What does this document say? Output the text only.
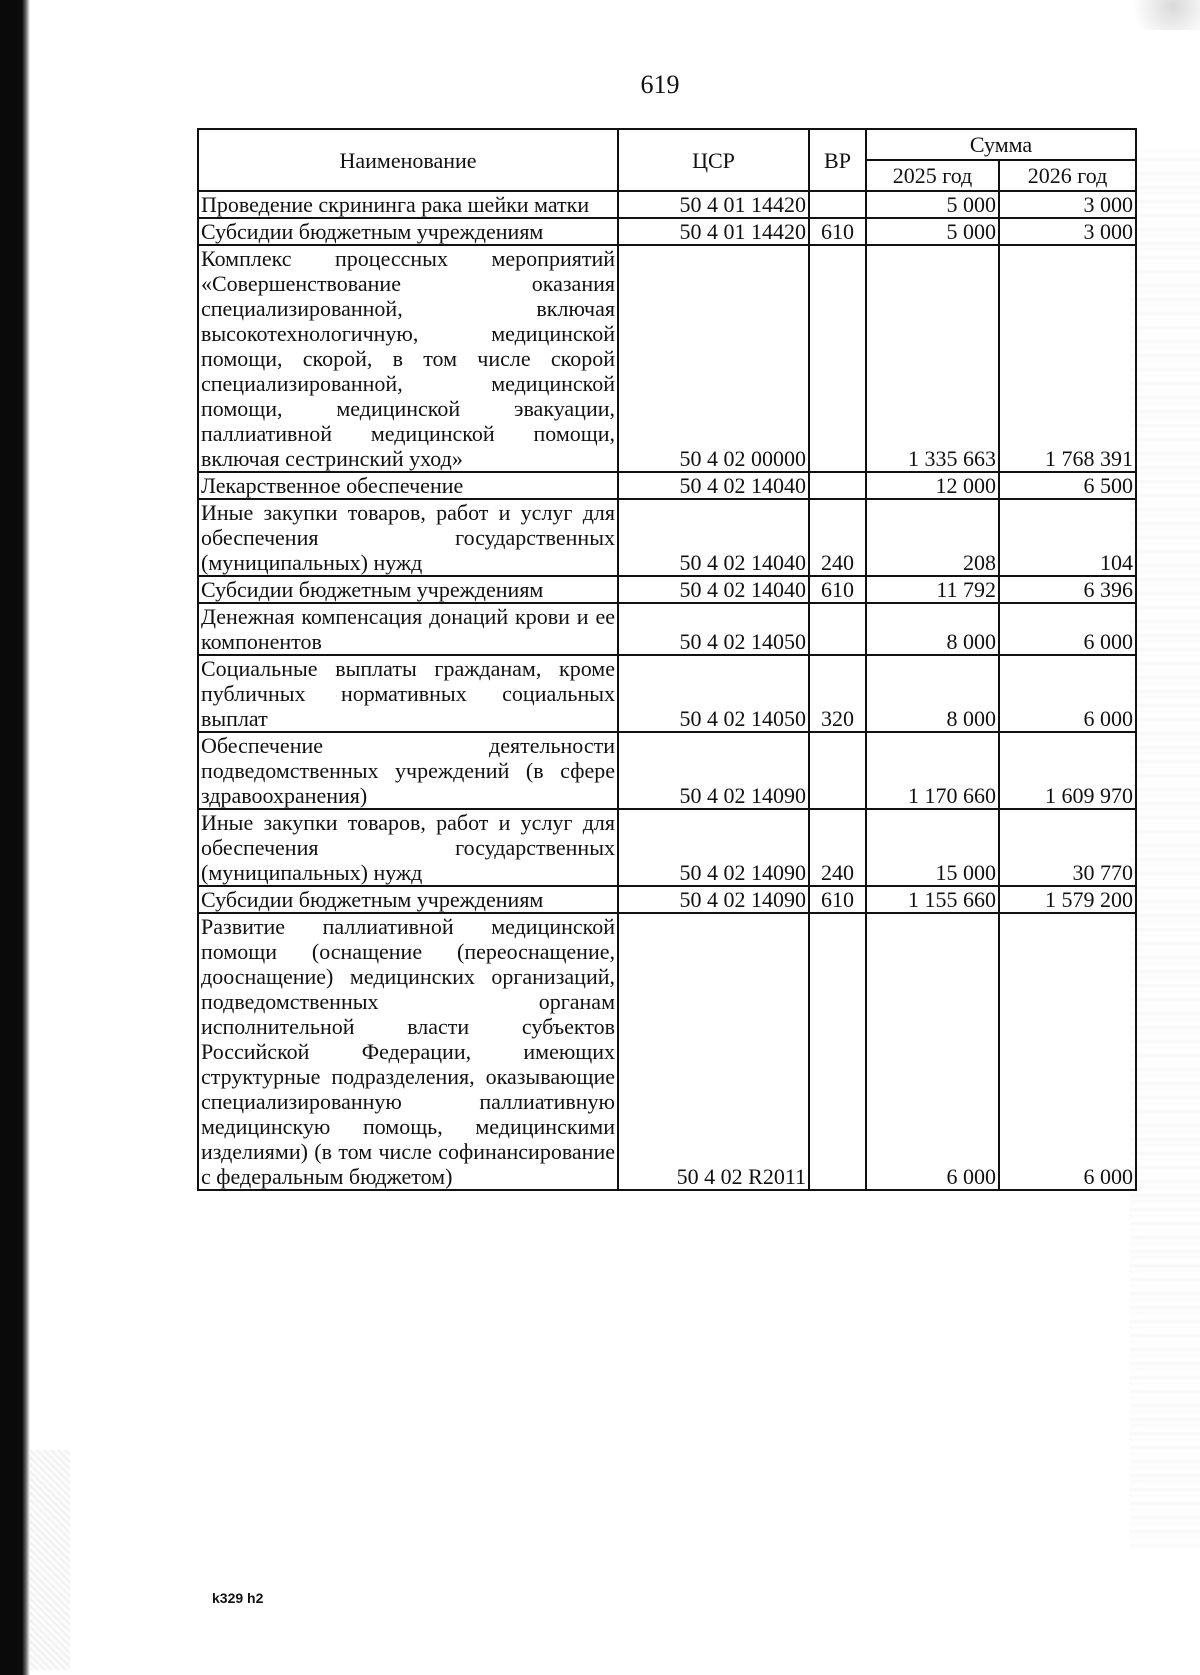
619
Наименование	ЦСР	ВР	Сумма	
			2025 год	2026 год
Проведение скрининга рака шейки матки	50 4 01 14420		5 000	3 000
Субсидии бюджетным учреждениям	50 4 01 14420	610	5 000	3 000
Комплекс процессных мероприятий «Совершенствование оказания специализированной, включая высокотехнологичную, медицинской помощи, скорой, в том числе скорой специализированной, медицинской помощи, медицинской эвакуации, паллиативной медицинской помощи, включая сестринский уход»	50 4 02 00000		1 335 663	1 768 391
Лекарственное обеспечение	50 4 02 14040		12 000	6 500
Иные закупки товаров, работ и услуг для обеспечения государственных (муниципальных) нужд	50 4 02 14040	240	208	104
Субсидии бюджетным учреждениям	50 4 02 14040	610	11 792	6 396
Денежная компенсация донаций крови и ее компонентов	50 4 02 14050		8 000	6 000
Социальные выплаты гражданам, кроме публичных нормативных социальных выплат	50 4 02 14050	320	8 000	6 000
Обеспечение деятельности подведомственных учреждений (в сфере здравоохранения)	50 4 02 14090		1 170 660	1 609 970
Иные закупки товаров, работ и услуг для обеспечения государственных (муниципальных) нужд	50 4 02 14090	240	15 000	30 770
Субсидии бюджетным учреждениям	50 4 02 14090	610	1 155 660	1 579 200
Развитие паллиативной медицинской помощи (оснащение (переоснащение, дооснащение) медицинских организаций, подведомственных органам исполнительной власти субъектов Российской Федерации, имеющих структурные подразделения, оказывающие специализированную паллиативную медицинскую помощь, медицинскими изделиями) (в том числе софинансирование с федеральным бюджетом)	50 4 02 R2011		6 000	6 000
k329 h2
